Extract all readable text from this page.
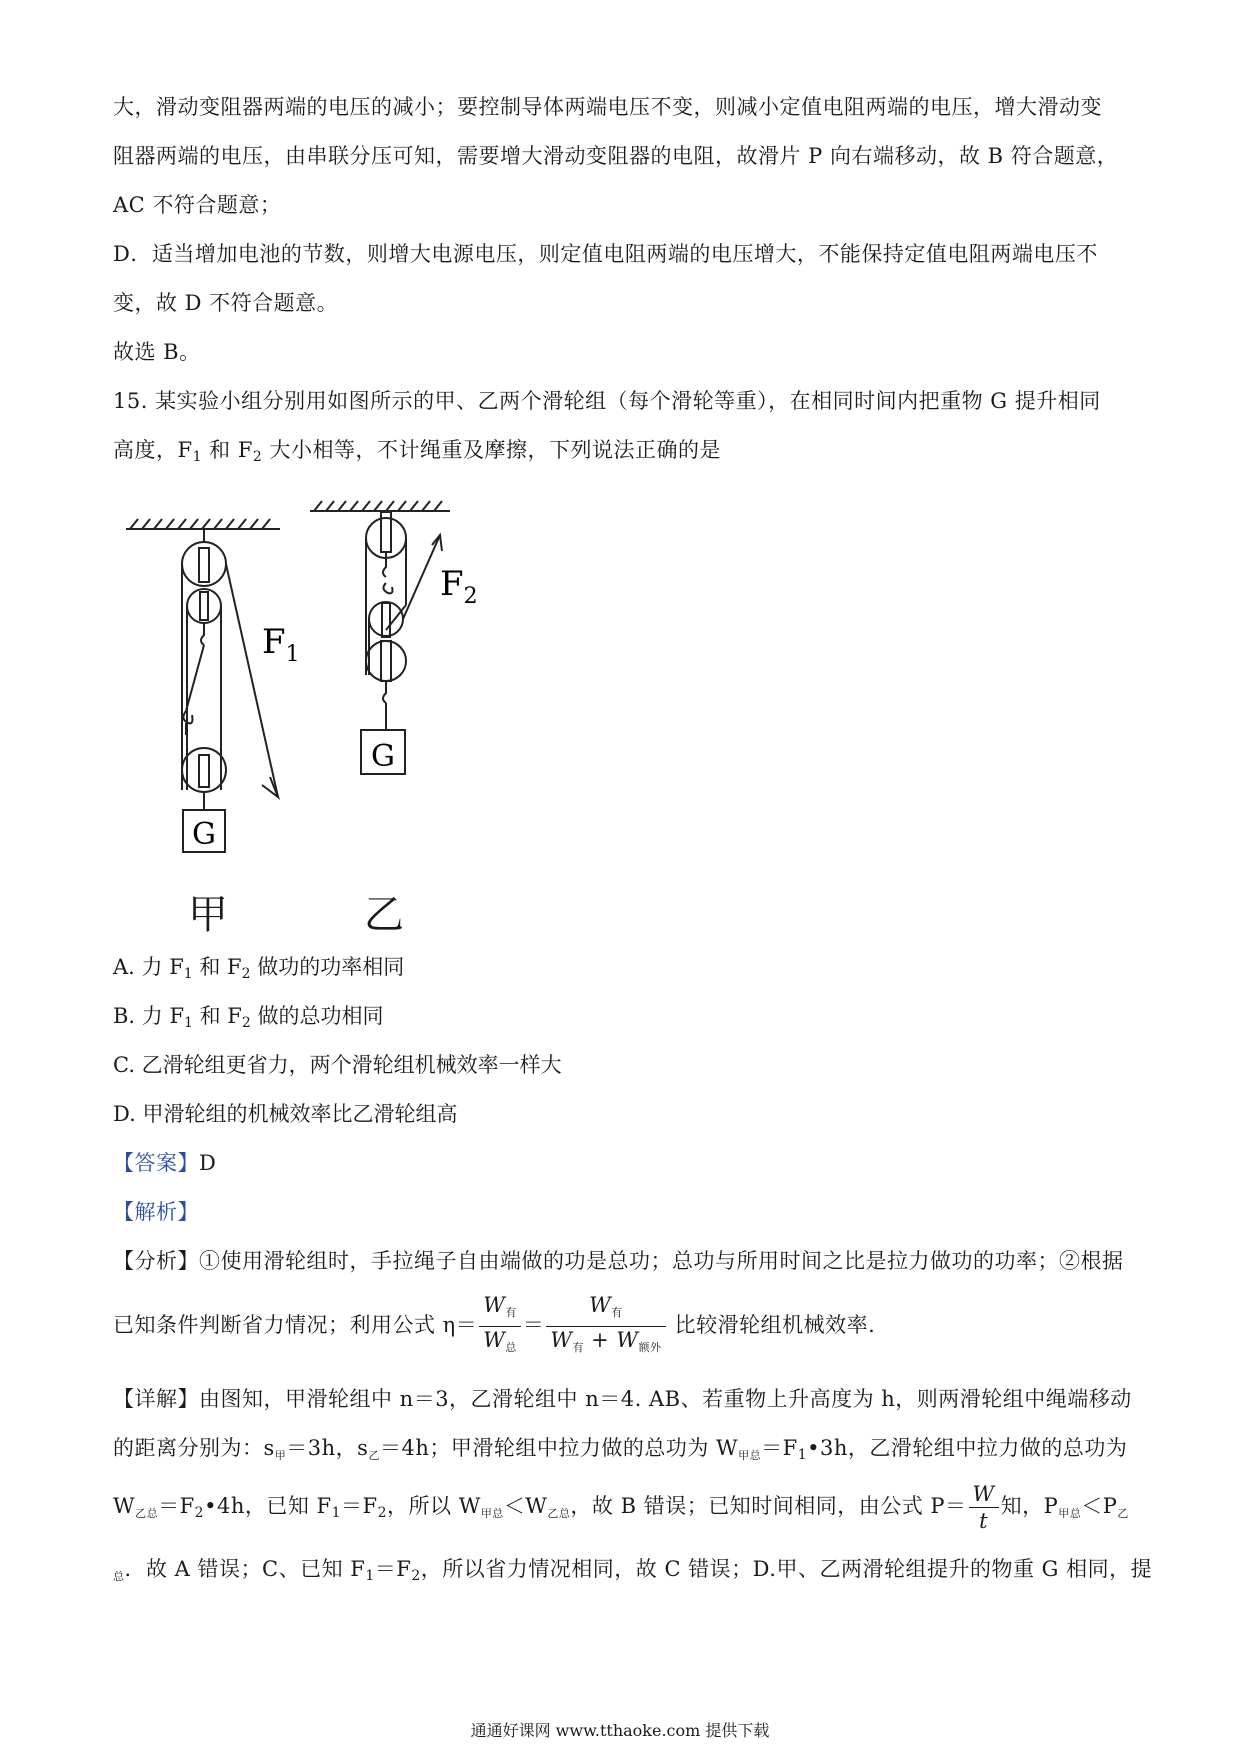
大，滑动变阻器两端的电压的减小；要控制导体两端电压不变，则减小定值电阻两端的电压，增大滑动变
阻器两端的电压，由串联分压可知，需要增大滑动变阻器的电阻，故滑片 P 向右端移动，故 B 符合题意，
AC 不符合题意；
D．适当增加电池的节数，则增大电源电压，则定值电阻两端的电压增大，不能保持定值电阻两端电压不
变，故 D 不符合题意。
故选 B。
15. 某实验小组分别用如图所示的甲、乙两个滑轮组（每个滑轮等重），在相同时间内把重物 G 提升相同
高度，$F_1$ 和 $F_2$ 大小相等，不计绳重及摩擦，下列说法正确的是
G
$F_1$
G
$F_2$
甲	乙
A. 力 $F_1$ 和 $F_2$ 做功的功率相同
B. 力 $F_1$ 和 $F_2$ 做的总功相同
C. 乙滑轮组更省力，两个滑轮组机械效率一样大
D. 甲滑轮组的机械效率比乙滑轮组高
【答案】D
【解析】
【分析】①使用滑轮组时，手拉绳子自由端做的功是总功；总功与所用时间之比是拉力做功的功率；②根据
已知条件判断省力情况；利用公式 $\eta= \frac{\text{W有}}{\text{W总}} = \frac{\text{W有}}{\text{W有 + W额外}}$ 比较滑轮组机械效率.
【详解】由图知，甲滑轮组中 n＝3，乙滑轮组中 n＝4. AB、若重物上升高度为 h，则两滑轮组中绳端移动
的距离分别为：s甲＝3h，s乙＝4h；甲滑轮组中拉力做的总功为 W甲总$=F_1•3h$，乙滑轮组中拉力做的总功为
W乙总$=F_2•4h$，已知 $F_1=F_2$，所以 W甲总＜W乙总，故 B 错误；已知时间相同，由公式 $P= \frac{W}{t}$ 知，P甲总＜P乙
总．故 A 错误；C、已知 $F_1=F_2$，所以省力情况相同，故 C 错误；D.甲、乙两滑轮组提升的物重 G 相同，提
通通好课网 www.tthaoke.com 提供下载
